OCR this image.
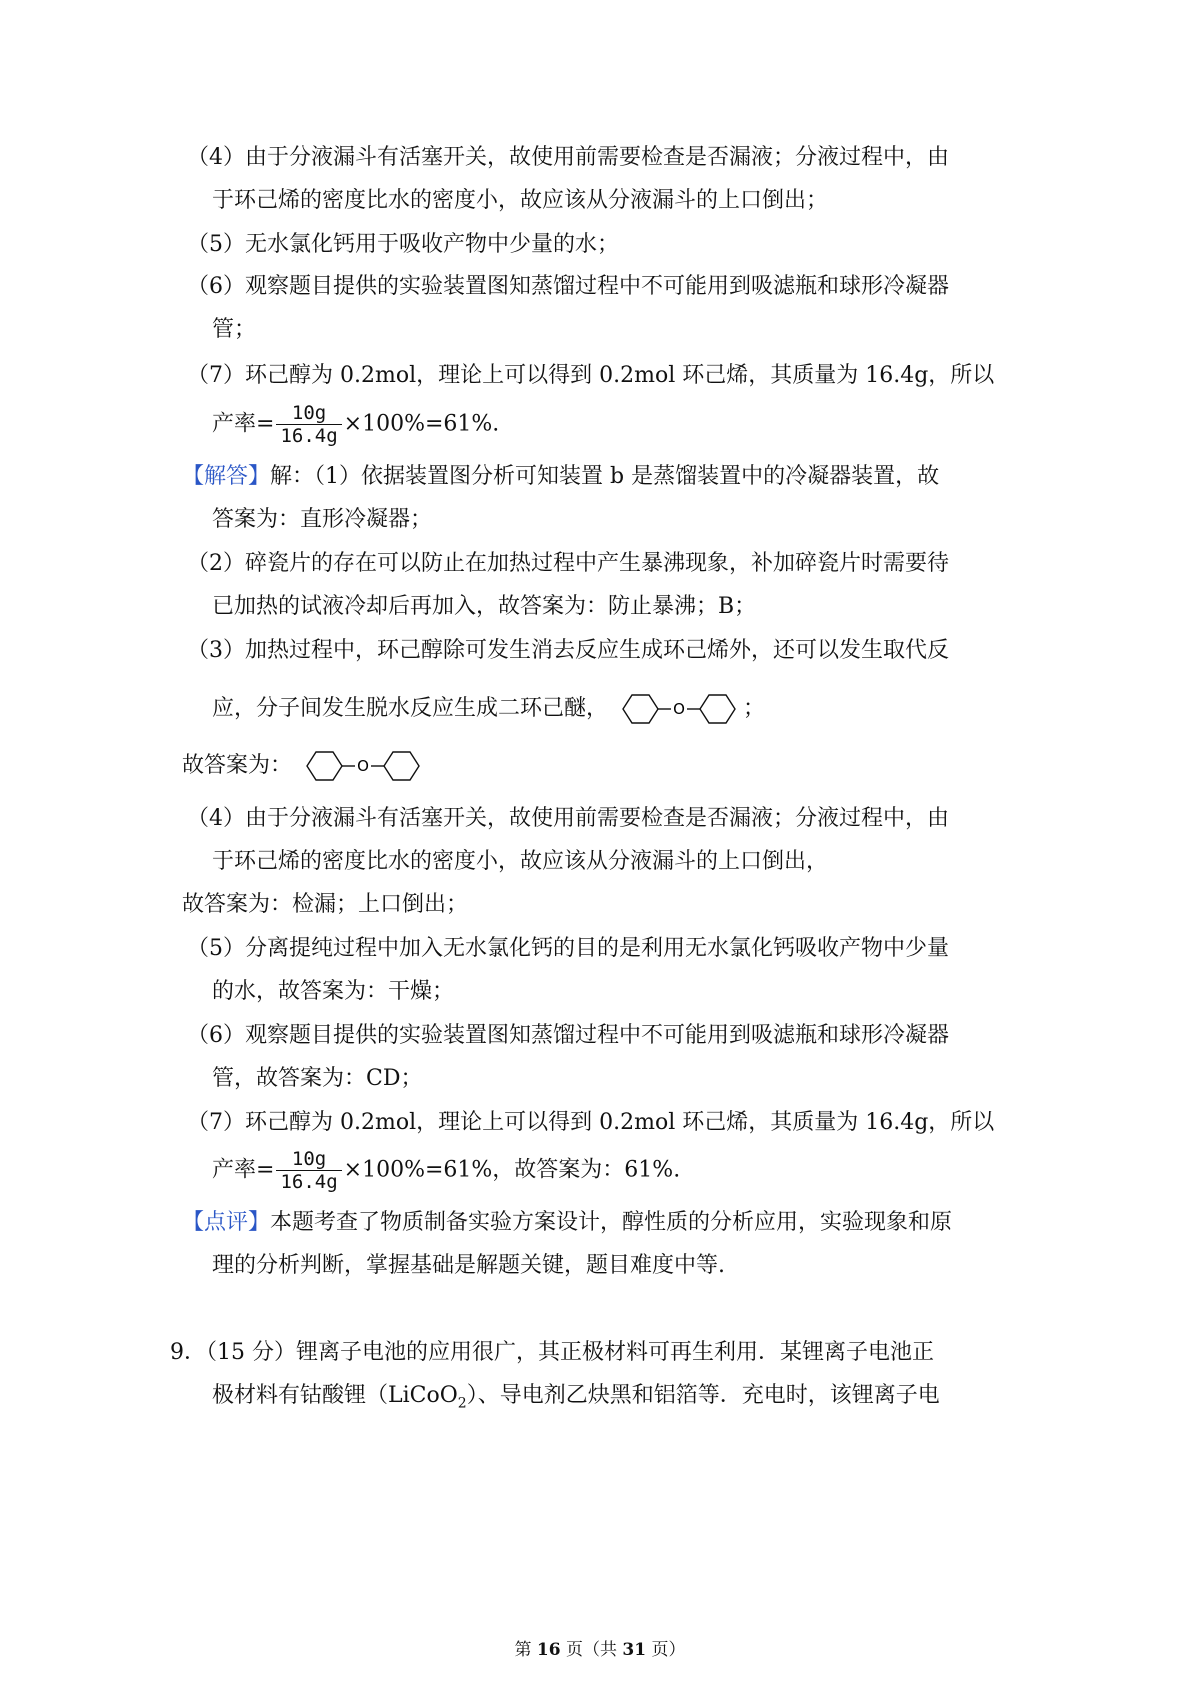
（4）由于分液漏斗有活塞开关，故使用前需要检查是否漏液；分液过程中，由
于环己烯的密度比水的密度小，故应该从分液漏斗的上口倒出；
（5）无水氯化钙用于吸收产物中少量的水；
（6）观察题目提供的实验装置图知蒸馏过程中不可能用到吸滤瓶和球形冷凝器
管；
（7）环己醇为 0.2mol，理论上可以得到 0.2mol 环己烯，其质量为 16.4g，所以
产率= $\frac{10g}{16.4g} \times 100\%=61\%$.
【解答】解：（1）依据装置图分析可知装置 b 是蒸馏装置中的冷凝器装置，故
答案为：直形冷凝器；
（2）碎瓷片的存在可以防止在加热过程中产生暴沸现象，补加碎瓷片时需要待
已加热的试液冷却后再加入，故答案为：防止暴沸；B；
（3）加热过程中，环己醇除可发生消去反应生成环己烯外，还可以发生取代反
应，分子间发生脱水反应生成二环己醚，	O	；
故答案为：	O
（4）由于分液漏斗有活塞开关，故使用前需要检查是否漏液；分液过程中，由
于环己烯的密度比水的密度小，故应该从分液漏斗的上口倒出，
故答案为：检漏；上口倒出；
（5）分离提纯过程中加入无水氯化钙的目的是利用无水氯化钙吸收产物中少量
的水，故答案为：干燥；
（6）观察题目提供的实验装置图知蒸馏过程中不可能用到吸滤瓶和球形冷凝器
管，故答案为：CD；
（7）环己醇为 0.2mol，理论上可以得到 0.2mol 环己烯，其质量为 16.4g，所以
产率= $\frac{10g}{16.4g} \times 100\%=61\%$，故答案为：61%.
【点评】本题考查了物质制备实验方案设计，醇性质的分析应用，实验现象和原
理的分析判断，掌握基础是解题关键，题目难度中等.
9．（15 分）锂离子电池的应用很广，其正极材料可再生利用．某锂离子电池正
极材料有钴酸锂（LiCoO$_2$）、导电剂乙炔黑和铝箔等．充电时，该锂离子电
第 16 页（共 31 页）
